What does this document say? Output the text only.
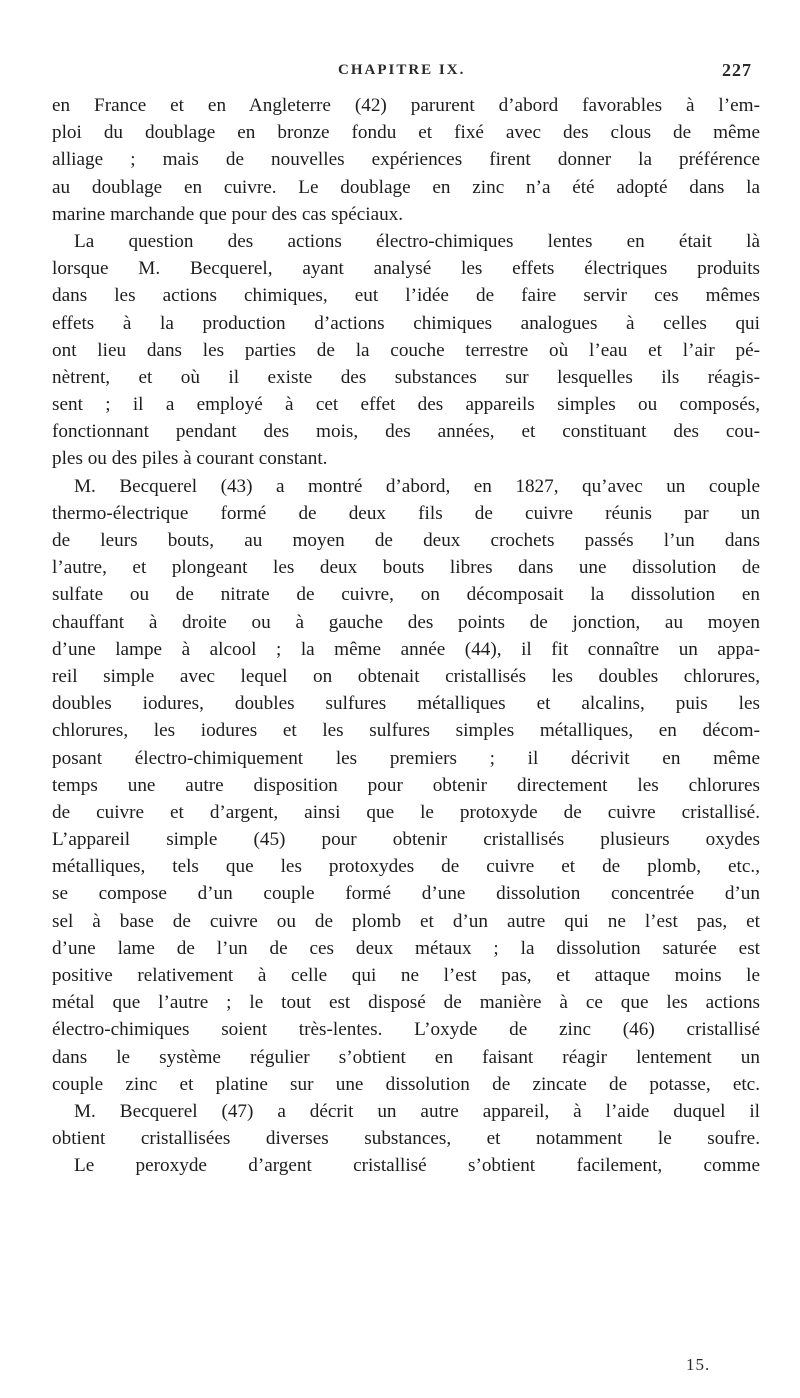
CHAPITRE IX.	227
en France et en Angleterre (42) parurent d’abord favorables à l’em-
ploi du doublage en bronze fondu et fixé avec des clous de même
alliage ; mais de nouvelles expériences firent donner la préférence
au doublage en cuivre. Le doublage en zinc n’a été adopté dans la
marine marchande que pour des cas spéciaux.
La question des actions électro-chimiques lentes en était là
lorsque M. Becquerel, ayant analysé les effets électriques produits
dans les actions chimiques, eut l’idée de faire servir ces mêmes
effets à la production d’actions chimiques analogues à celles qui
ont lieu dans les parties de la couche terrestre où l’eau et l’air pé-
nètrent, et où il existe des substances sur lesquelles ils réagis-
sent ; il a employé à cet effet des appareils simples ou composés,
fonctionnant pendant des mois, des années, et constituant des cou-
ples ou des piles à courant constant.
M. Becquerel (43) a montré d’abord, en 1827, qu’avec un couple
thermo-électrique formé de deux fils de cuivre réunis par un
de leurs bouts, au moyen de deux crochets passés l’un dans
l’autre, et plongeant les deux bouts libres dans une dissolution de
sulfate ou de nitrate de cuivre, on décomposait la dissolution en
chauffant à droite ou à gauche des points de jonction, au moyen
d’une lampe à alcool ; la même année (44), il fit connaître un appa-
reil simple avec lequel on obtenait cristallisés les doubles chlorures,
doubles iodures, doubles sulfures métalliques et alcalins, puis les
chlorures, les iodures et les sulfures simples métalliques, en décom-
posant électro-chimiquement les premiers ; il décrivit en même
temps une autre disposition pour obtenir directement les chlorures
de cuivre et d’argent, ainsi que le protoxyde de cuivre cristallisé.
L’appareil simple (45) pour obtenir cristallisés plusieurs oxydes
métalliques, tels que les protoxydes de cuivre et de plomb, etc.,
se compose d’un couple formé d’une dissolution concentrée d’un
sel à base de cuivre ou de plomb et d’un autre qui ne l’est pas, et
d’une lame de l’un de ces deux métaux ; la dissolution saturée est
positive relativement à celle qui ne l’est pas, et attaque moins le
métal que l’autre ; le tout est disposé de manière à ce que les actions
électro-chimiques soient très-lentes. L’oxyde de zinc (46) cristallisé
dans le système régulier s’obtient en faisant réagir lentement un
couple zinc et platine sur une dissolution de zincate de potasse, etc.
M. Becquerel (47) a décrit un autre appareil, à l’aide duquel il
obtient cristallisées diverses substances, et notamment le soufre.
Le peroxyde d’argent cristallisé s’obtient facilement, comme
15.
